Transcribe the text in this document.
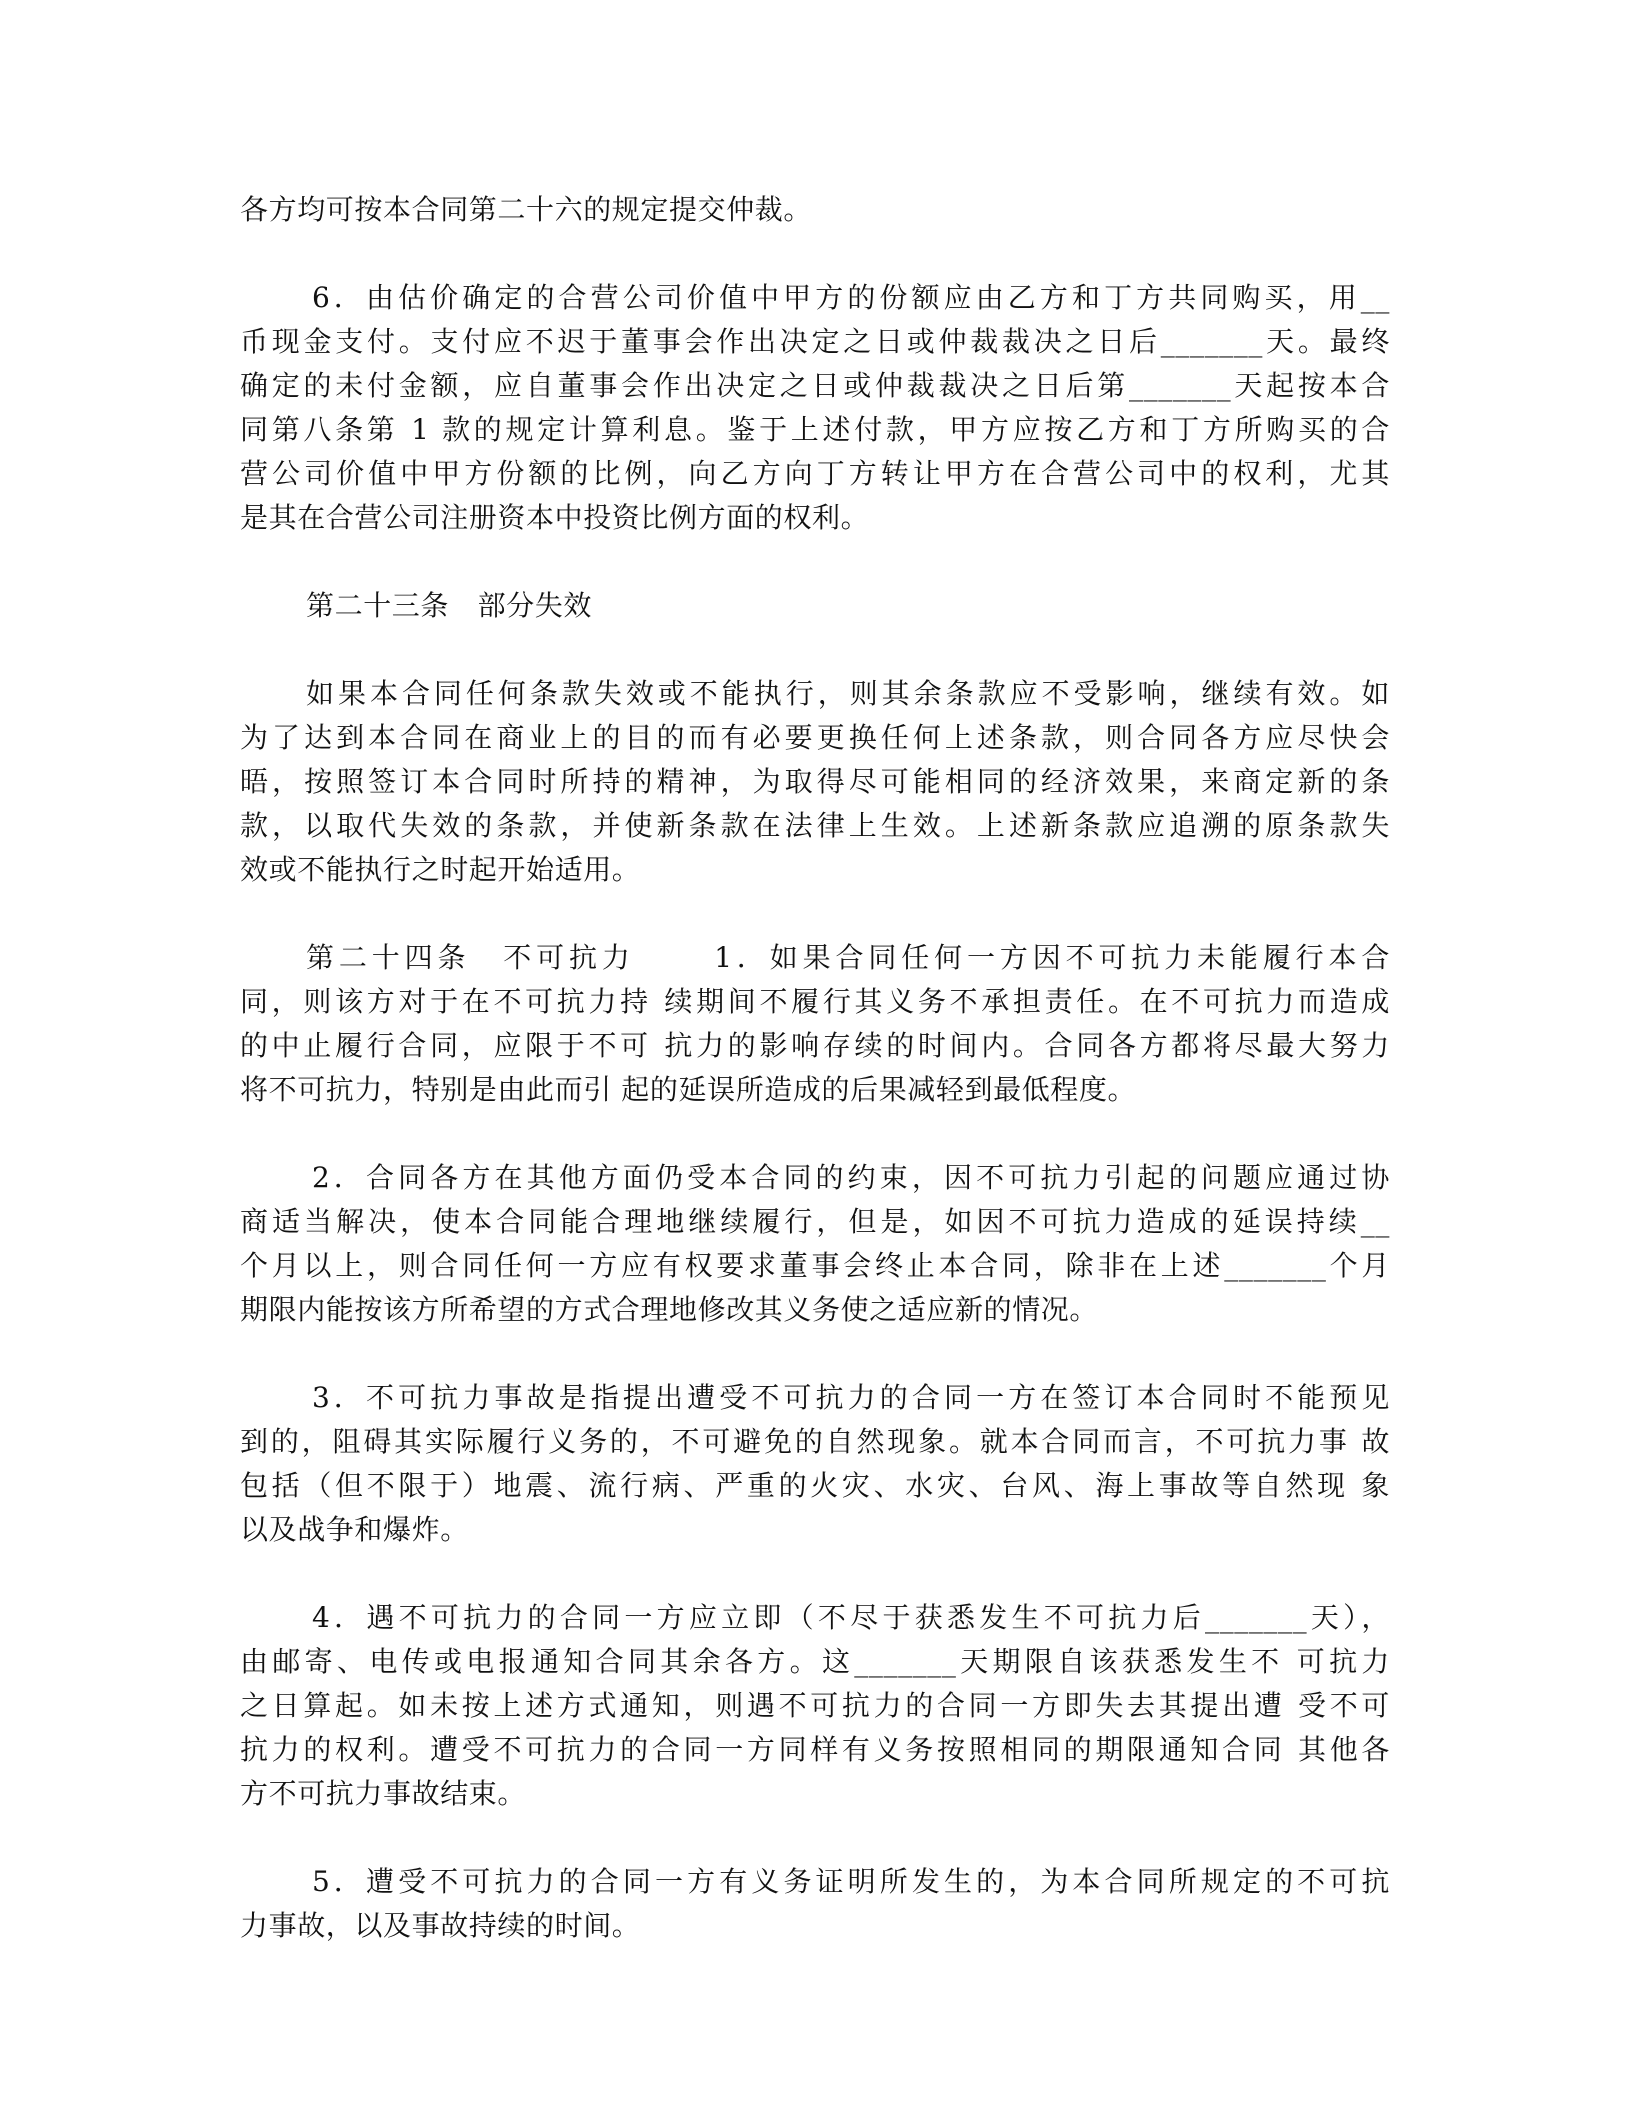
各方均可按本合同第二十六的规定提交仲裁。
6．由估价确定的合营公司价值中甲方的份额应由乙方和丁方共同购买，用__
币现金支付。支付应不迟于董事会作出决定之日或仲裁裁决之日后_______天。最终
确定的未付金额，应自董事会作出决定之日或仲裁裁决之日后第_______天起按本合
同第八条第 1 款的规定计算利息。鉴于上述付款，甲方应按乙方和丁方所购买的合
营公司价值中甲方份额的比例，向乙方向丁方转让甲方在合营公司中的权利，尤其
是其在合营公司注册资本中投资比例方面的权利。
第二十三条　部分失效
如果本合同任何条款失效或不能执行，则其余条款应不受影响，继续有效。如
为了达到本合同在商业上的目的而有必要更换任何上述条款，则合同各方应尽快会
晤，按照签订本合同时所持的精神，为取得尽可能相同的经济效果，来商定新的条
款，以取代失效的条款，并使新条款在法律上生效。上述新条款应追溯的原条款失
效或不能执行之时起开始适用。
第二十四条　不可抗力　　 1．如果合同任何一方因不可抗力未能履行本合
同，则该方对于在不可抗力持 续期间不履行其义务不承担责任。在不可抗力而造成
的中止履行合同，应限于不可 抗力的影响存续的时间内。合同各方都将尽最大努力
将不可抗力，特别是由此而引 起的延误所造成的后果减轻到最低程度。
2．合同各方在其他方面仍受本合同的约束，因不可抗力引起的问题应通过协
商适当解决，使本合同能合理地继续履行，但是，如因不可抗力造成的延误持续__
个月以上，则合同任何一方应有权要求董事会终止本合同，除非在上述_______个月
期限内能按该方所希望的方式合理地修改其义务使之适应新的情况。
3．不可抗力事故是指提出遭受不可抗力的合同一方在签订本合同时不能预见
到的，阻碍其实际履行义务的，不可避免的自然现象。就本合同而言，不可抗力事 故
包括（但不限于）地震、流行病、严重的火灾、水灾、台风、海上事故等自然现 象
以及战争和爆炸。
4．遇不可抗力的合同一方应立即（不尽于获悉发生不可抗力后_______天），
由邮寄、电传或电报通知合同其余各方。这_______天期限自该获悉发生不 可抗力
之日算起。如未按上述方式通知，则遇不可抗力的合同一方即失去其提出遭 受不可
抗力的权利。遭受不可抗力的合同一方同样有义务按照相同的期限通知合同 其他各
方不可抗力事故结束。
5．遭受不可抗力的合同一方有义务证明所发生的，为本合同所规定的不可抗
力事故，以及事故持续的时间。
